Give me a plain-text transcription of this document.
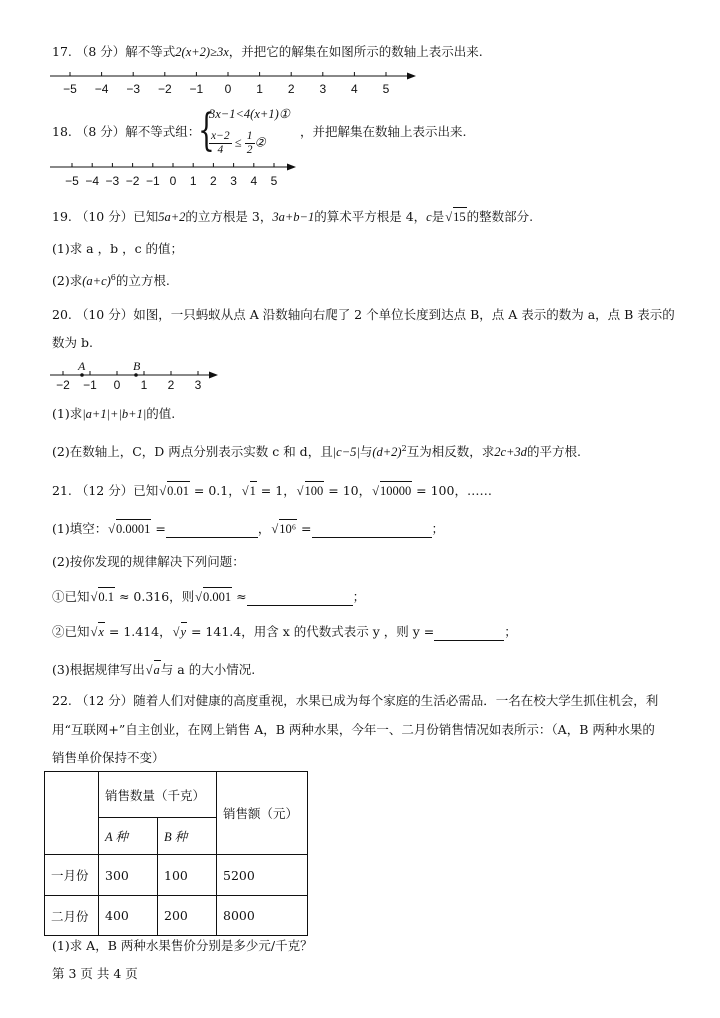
17. （8 分）解不等式2(x+2)≥3x，并把它的解集在如图所示的数轴上表示出来.
−5 −4 −3 −2 −1 0 1 2 3 4 5
18. （8 分）解不等式组：
{
3x−1<4(x+1)①
$\frac{x-2}{4} \le \frac{1}{2}$ ②
，并把解集在数轴上表示出来.
−5 −4 −3 −2 −1 0 1 2 3 4 5
19. （10 分）已知5a+2的立方根是 3，3a+b−1的算术平方根是 4，c是 √ 15的整数部分.
(1)求 a ，b ，c 的值；
(2)求$(a+c)^6$的立方根.
20. （10 分）如图，一只蚂蚁从点 A 沿数轴向右爬了 2 个单位长度到达点 B，点 A 表示的数为 a，点 B 表示的
数为 b.
−2 −1 0 1 2 3
A	B
(1)求|a+1|+|b+1|的值.
(2)在数轴上，C，D 两点分别表示实数 c 和 d，且|c−5|与$(d+2)^2$互为相反数，求2c+3d的平方根.
21. （12 分）已知 √ 0.01 = 0.1， √ 1 = 1， √ 100 = 10， √ 10000 = 100，……
(1)填空： √ 0.0001 =	，  √ 10⁶ =	；
(2)按你发现的规律解决下列问题：
①已知 √ 0.1 ≈ 0.316，则 √ 0.001 ≈	；
②已知 √ x = 1.414， √ y = 141.4，用含 x 的代数式表示 y ，则 y =	；
(3)根据规律写出 √ a与 a 的大小情况.
22. （12 分）随着人们对健康的高度重视，水果已成为每个家庭的生活必需品．一名在校大学生抓住机会，利
用“互联网+”自主创业，在网上销售 A，B 两种水果，今年一、二月份销售情况如表所示：（A，B 两种水果的
销售单价保持不变）
	销售数量（千克）		销售额（元）
	A 种	B 种	
一月份	300	100	5200
二月份	400	200	8000
(1)求 A，B 两种水果售价分别是多少元/千克？
第 3 页 共 4 页
